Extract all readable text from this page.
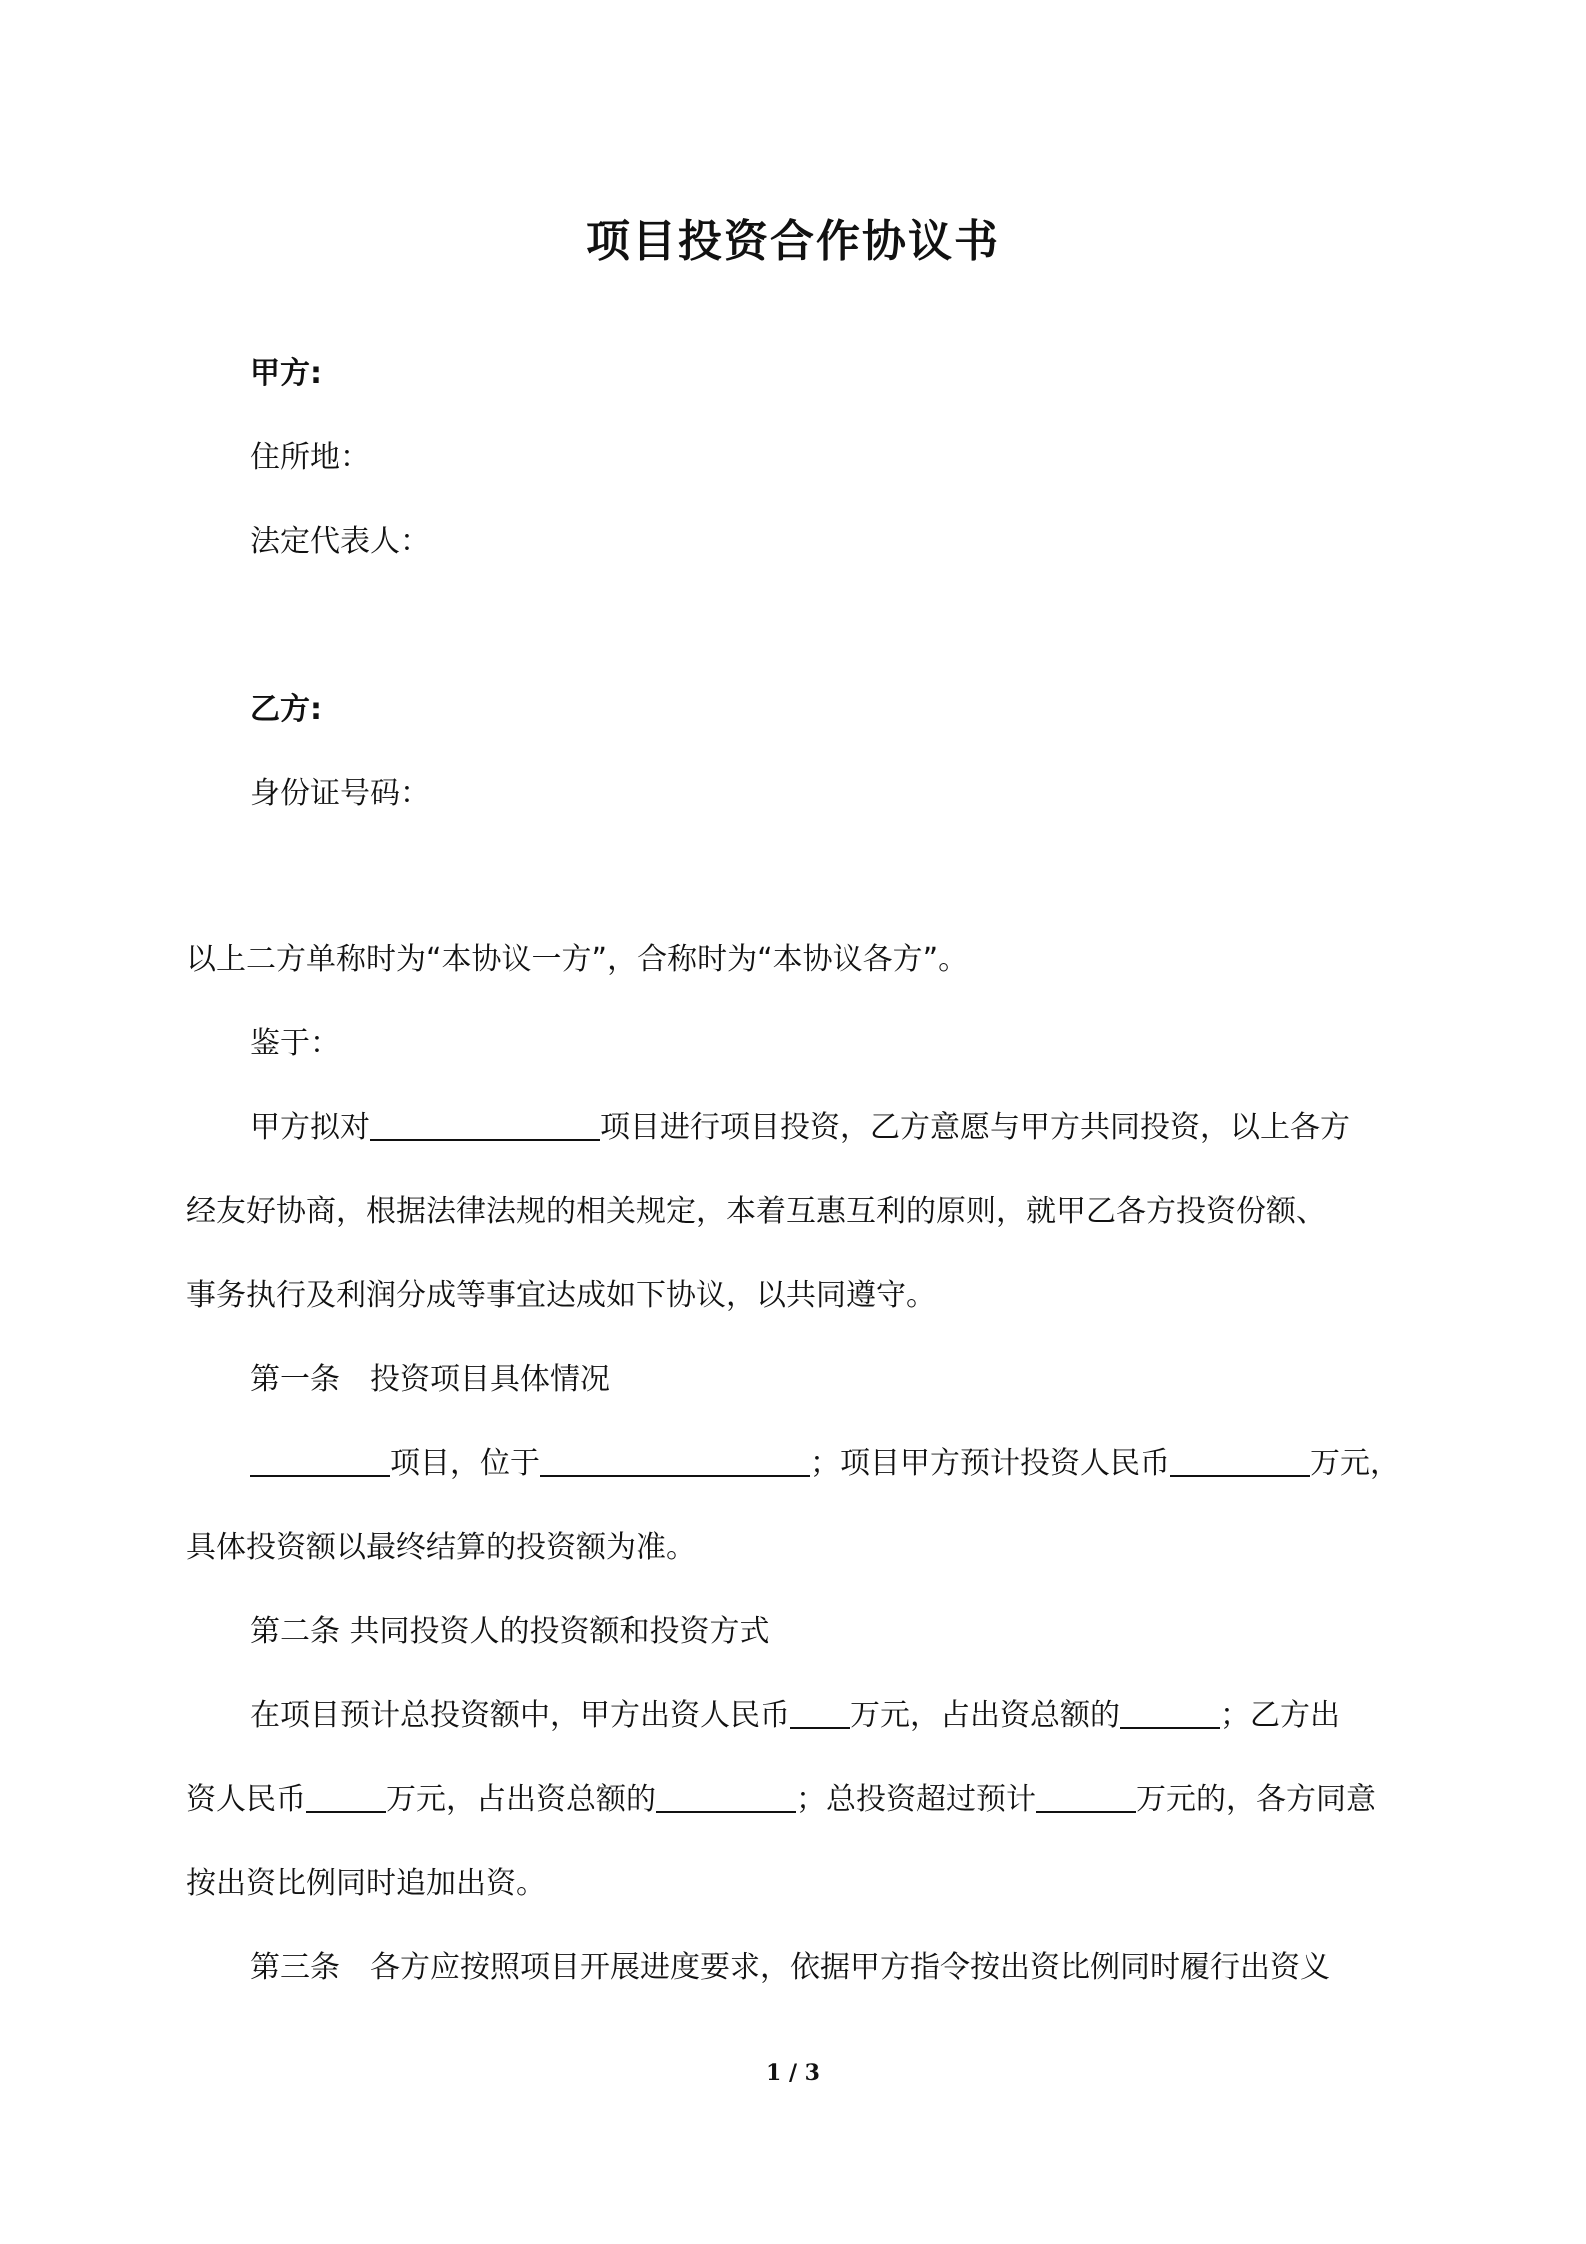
项目投资合作协议书

甲方:

住所地：

法定代表人：

乙方:

身份证号码：

以上二方单称时为“本协议一方”，合称时为“本协议各方”。

鉴于：

甲方拟对	项目进行项目投资，乙方意愿与甲方共同投资，以上各方

经友好协商，根据法律法规的相关规定，本着互惠互利的原则，就甲乙各方投资份额、

事务执行及利润分成等事宜达成如下协议，以共同遵守。

第一条　投资项目具体情况

项目，位于	；项目甲方预计投资人民币	万元，

具体投资额以最终结算的投资额为准。

第二条 共同投资人的投资额和投资方式

在项目预计总投资额中，甲方出资人民币 万元，占出资总额的	；乙方出

资人民币	万元，占出资总额的	；总投资超过预计	万元的，各方同意

按出资比例同时追加出资。

第三条　各方应按照项目开展进度要求，依据甲方指令按出资比例同时履行出资义

1 / 3
